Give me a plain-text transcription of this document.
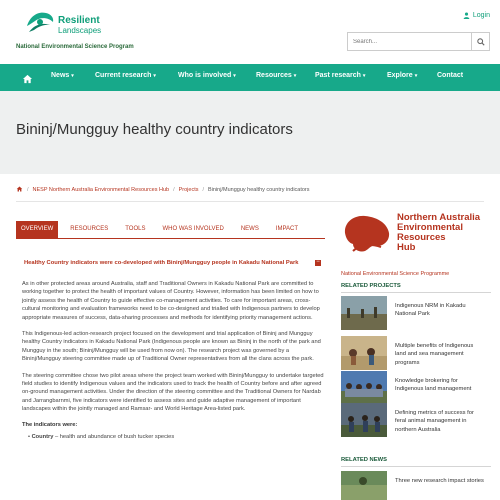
Resilient
Landscapes
National Environmental Science Program
Login
Search...
News ▾	Current research ▾	Who is involved ▾	Resources ▾	Past research ▾	Explore ▾	Contact
Bininj/Mungguy healthy country indicators
/ NESP Northern Australia Environmental Resources Hub / Projects / Bininj/Mungguy healthy country indicators
OVERVIEW	RESOURCES	TOOLS	WHO WAS INVOLVED	NEWS	IMPACT
Healthy Country indicators were co-developed with Bininj/Mungguy people in Kakadu National Park	−

As in other protected areas around Australia, staff and Traditional Owners in Kakadu National Park are committed to working together to protect the health of important values of Country. However, information has been limited on how to jointly assess the health of Country to guide effective co-management activities. To care for important areas, cross-cultural monitoring and evaluation frameworks need to be co-designed and trialled with Indigenous partners to develop appropriate measures of success, data-sharing processes and methods for identifying priority management actions.

This Indigenous-led action-research project focused on the development and trial application of Bininj and Mungguy healthy Country indicators in Kakadu National Park (Indigenous people are known as Bininj in the north of the park and Mungguy in the south; Bininj/Mungguy will be used from now on). The research project was governed by a Bininj/Mungguy steering committee made up of Traditional Owner representatives from all the clans across the park.

The steering committee chose two pilot areas where the project team worked with Bininj/Mungguy to undertake targeted field studies to identify Indigenous values and the indicators used to track the health of Country before and after agreed on-ground management activities. Under the direction of the steering committee and the Traditional Owners for Nardab and Jarrangbarnmi, five indicators were identified to assess sites and guide adaptive management of important landscapes within the jointly managed and Ramsar- and World Heritage Area-listed park.

The indicators were:

• Country – health and abundance of bush tucker species

Northern Australia
Environmental
Resources
Hub
National Environmental Science Programme
RELATED PROJECTS
Indigenous NRM in Kakadu National Park
Multiple benefits of Indigenous land and sea management programs
Knowledge brokering for Indigenous land management
Defining metrics of success for feral animal management in northern Australia
RELATED NEWS
Three new research impact stories
